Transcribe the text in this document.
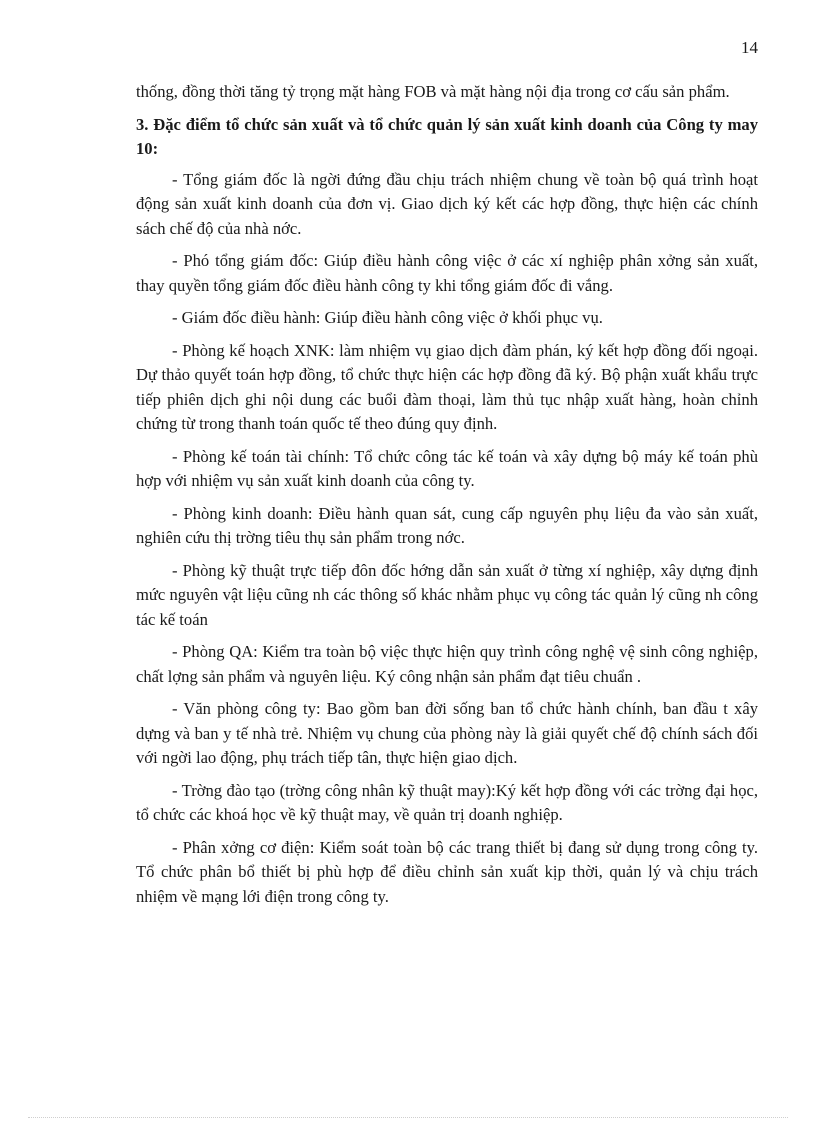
14

thống, đồng thời tăng tỷ trọng mặt hàng FOB và mặt hàng nội địa trong cơ cấu sản phẩm.

3. Đặc điểm tổ chức sản xuất và tổ chức quản lý sản xuất kinh doanh của Công ty may 10:

- Tổng giám đốc là ngời đứng đầu chịu trách nhiệm chung về toàn bộ quá trình hoạt động sản xuất kinh doanh của đơn vị. Giao dịch ký kết các hợp đồng, thực hiện các chính sách chế độ của nhà nớc.

- Phó tổng giám đốc: Giúp điều hành công việc ở các xí nghiệp phân xởng sản xuất, thay quyền tổng giám đốc điều hành công ty khi tổng giám đốc đi vắng.

- Giám đốc điều hành: Giúp điều hành công việc ở khối phục vụ.

- Phòng kế hoạch XNK: làm nhiệm vụ giao dịch đàm phán, ký kết hợp đồng đối ngoại. Dự thảo quyết toán hợp đồng, tổ chức thực hiện các hợp đồng đã ký. Bộ phận xuất khẩu trực tiếp phiên dịch ghi nội dung các buổi đàm thoại, làm thủ tục nhập xuất hàng, hoàn chỉnh chứng từ trong thanh toán quốc tế theo đúng quy định.

- Phòng kế toán tài chính: Tổ chức công tác kế toán và xây dựng bộ máy kế toán phù hợp với nhiệm vụ sản xuất kinh doanh của công ty.

- Phòng kinh doanh: Điều hành quan sát, cung cấp nguyên phụ liệu đa vào sản xuất, nghiên cứu thị trờng tiêu thụ sản phẩm trong nớc.

- Phòng kỹ thuật trực tiếp đôn đốc hớng dẫn sản xuất ở từng xí nghiệp, xây dựng định mức nguyên vật liệu cũng nh các thông số khác nhằm phục vụ công tác quản lý cũng nh công tác kế toán

- Phòng QA: Kiểm tra toàn bộ việc thực hiện quy trình công nghệ vệ sinh công nghiệp, chất lợng sản phẩm và nguyên liệu. Ký công nhận sản phẩm đạt tiêu chuẩn .

- Văn phòng công ty: Bao gồm ban đời sống ban tổ chức hành chính, ban đầu t xây dựng và ban y tế nhà trẻ. Nhiệm vụ chung của phòng này là giải quyết chế độ chính sách đối với ngời lao động, phụ trách tiếp tân, thực hiện giao dịch.

- Trờng đào tạo (trờng công nhân kỹ thuật may):Ký kết hợp đồng với các trờng đại học, tổ chức các khoá học về kỹ thuật may, về quản trị doanh nghiệp.

- Phân xởng cơ điện: Kiểm soát toàn bộ các trang thiết bị đang sử dụng trong công ty. Tổ chức phân bổ thiết bị phù hợp để điều chỉnh sản xuất kịp thời, quản lý và chịu trách nhiệm về mạng lới điện trong công ty.
